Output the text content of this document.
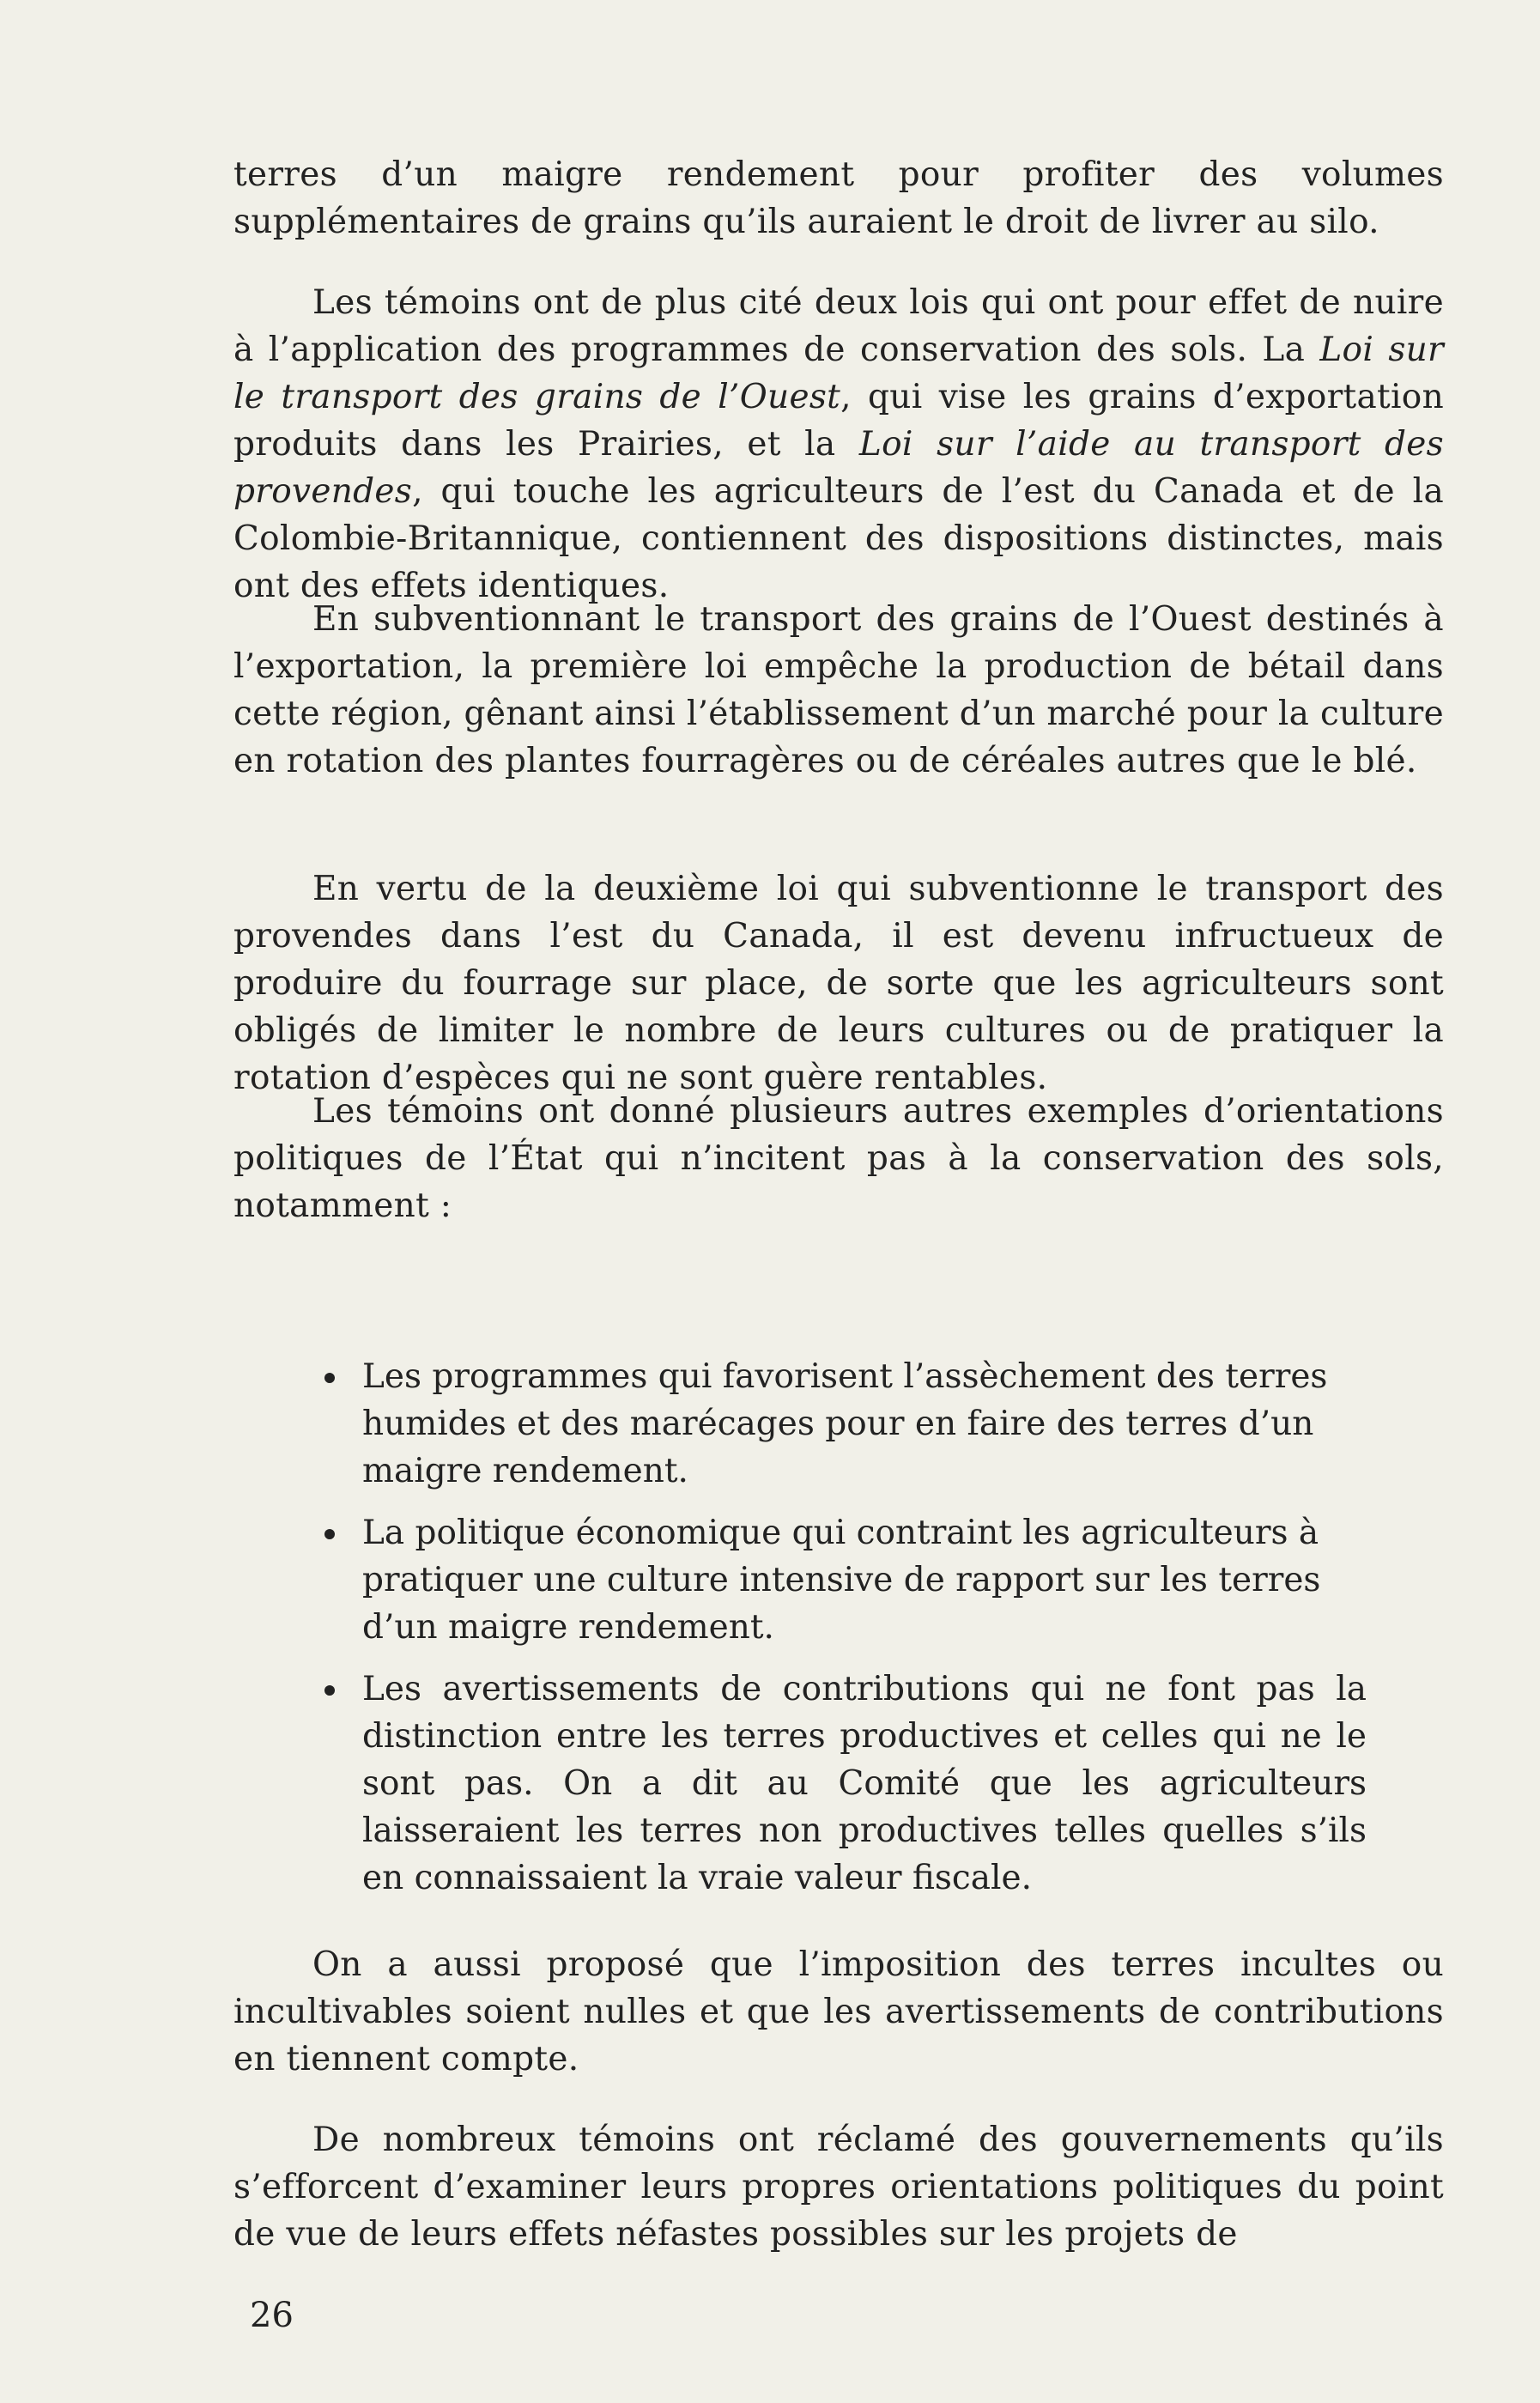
terres d’un maigre rendement pour profiter des volumes supplémentaires de grains qu’ils auraient le droit de livrer au silo.

Les témoins ont de plus cité deux lois qui ont pour effet de nuire à l’application des programmes de conservation des sols. La Loi sur le transport des grains de l’Ouest, qui vise les grains d’exportation produits dans les Prairies, et la Loi sur l’aide au transport des provendes, qui touche les agriculteurs de l’est du Canada et de la Colombie-Britannique, contiennent des dispositions distinctes, mais ont des effets identiques.

En subventionnant le transport des grains de l’Ouest destinés à l’exportation, la première loi empêche la production de bétail dans cette région, gênant ainsi l’établissement d’un marché pour la culture en rotation des plantes fourragères ou de céréales autres que le blé.

En vertu de la deuxième loi qui subventionne le transport des provendes dans l’est du Canada, il est devenu infructueux de produire du fourrage sur place, de sorte que les agriculteurs sont obligés de limiter le nombre de leurs cultures ou de pratiquer la rotation d’espèces qui ne sont guère rentables.

Les témoins ont donné plusieurs autres exemples d’orientations politiques de l’État qui n’incitent pas à la conservation des sols, notamment :

Les programmes qui favorisent l’assèchement des terres humides et des marécages pour en faire des terres d’un maigre rendement.
La politique économique qui contraint les agriculteurs à pratiquer une culture intensive de rapport sur les terres d’un maigre rendement.
Les avertissements de contributions qui ne font pas la distinction entre les terres productives et celles qui ne le sont pas. On a dit au Comité que les agriculteurs laisseraient les terres non productives telles quelles s’ils en connaissaient la vraie valeur fiscale.

On a aussi proposé que l’imposition des terres incultes ou incultivables soient nulles et que les avertissements de contributions en tiennent compte.

De nombreux témoins ont réclamé des gouvernements qu’ils s’efforcent d’examiner leurs propres orientations politiques du point de vue de leurs effets néfastes possibles sur les projets de

26
